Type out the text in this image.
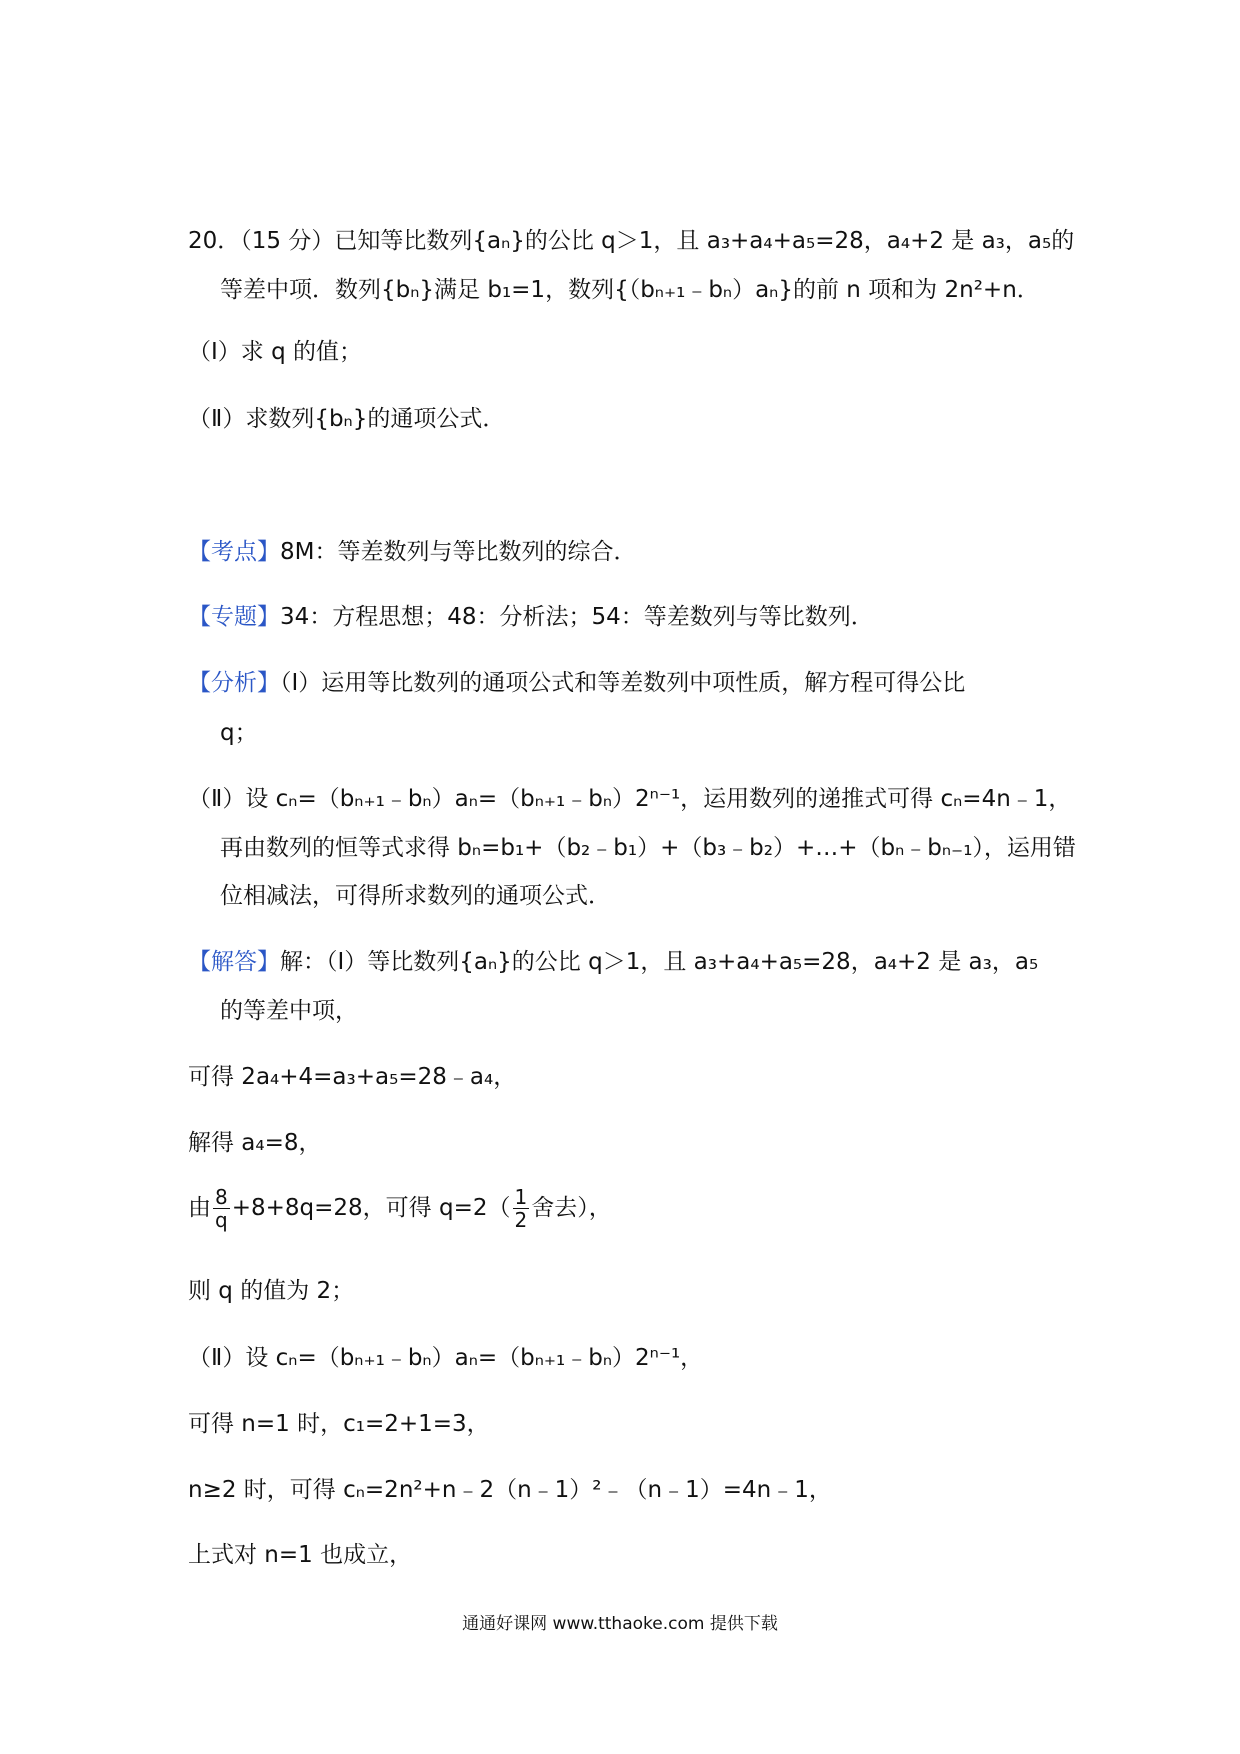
20．（15 分）已知等比数列{aₙ}的公比 q＞1，且 a₃+a₄+a₅=28，a₄+2 是 a₃，a₅的
等差中项．数列{bₙ}满足 b₁=1，数列{（bₙ₊₁﹣bₙ）aₙ}的前 n 项和为 2n²+n．
（Ⅰ）求 q 的值；
（Ⅱ）求数列{bₙ}的通项公式．
【考点】8M：等差数列与等比数列的综合．
【专题】34：方程思想；48：分析法；54：等差数列与等比数列．
【分析】（Ⅰ）运用等比数列的通项公式和等差数列中项性质，解方程可得公比
q；
（Ⅱ）设 cₙ=（bₙ₊₁﹣bₙ）aₙ=（bₙ₊₁﹣bₙ）2ⁿ⁻¹，运用数列的递推式可得 cₙ=4n﹣1，
再由数列的恒等式求得 bₙ=b₁+（b₂﹣b₁）+（b₃﹣b₂）+…+（bₙ﹣bₙ₋₁），运用错
位相减法，可得所求数列的通项公式．
【解答】解：（Ⅰ）等比数列{aₙ}的公比 q＞1，且 a₃+a₄+a₅=28，a₄+2 是 a₃，a₅
的等差中项，
可得 2a₄+4=a₃+a₅=28﹣a₄，
解得 a₄=8，
由 $\frac{8}{q} +8+8q=28$，可得 $q=2( \frac{1}{2}$ 舍去），
则 q 的值为 2；
（Ⅱ）设 cₙ=（bₙ₊₁﹣bₙ）aₙ=（bₙ₊₁﹣bₙ）2ⁿ⁻¹，
可得 n=1 时，c₁=2+1=3，
n≥2 时，可得 cₙ=2n²+n﹣2（n﹣1）²﹣（n﹣1）=4n﹣1，
上式对 n=1 也成立，
通通好课网 www.tthaoke.com 提供下载
